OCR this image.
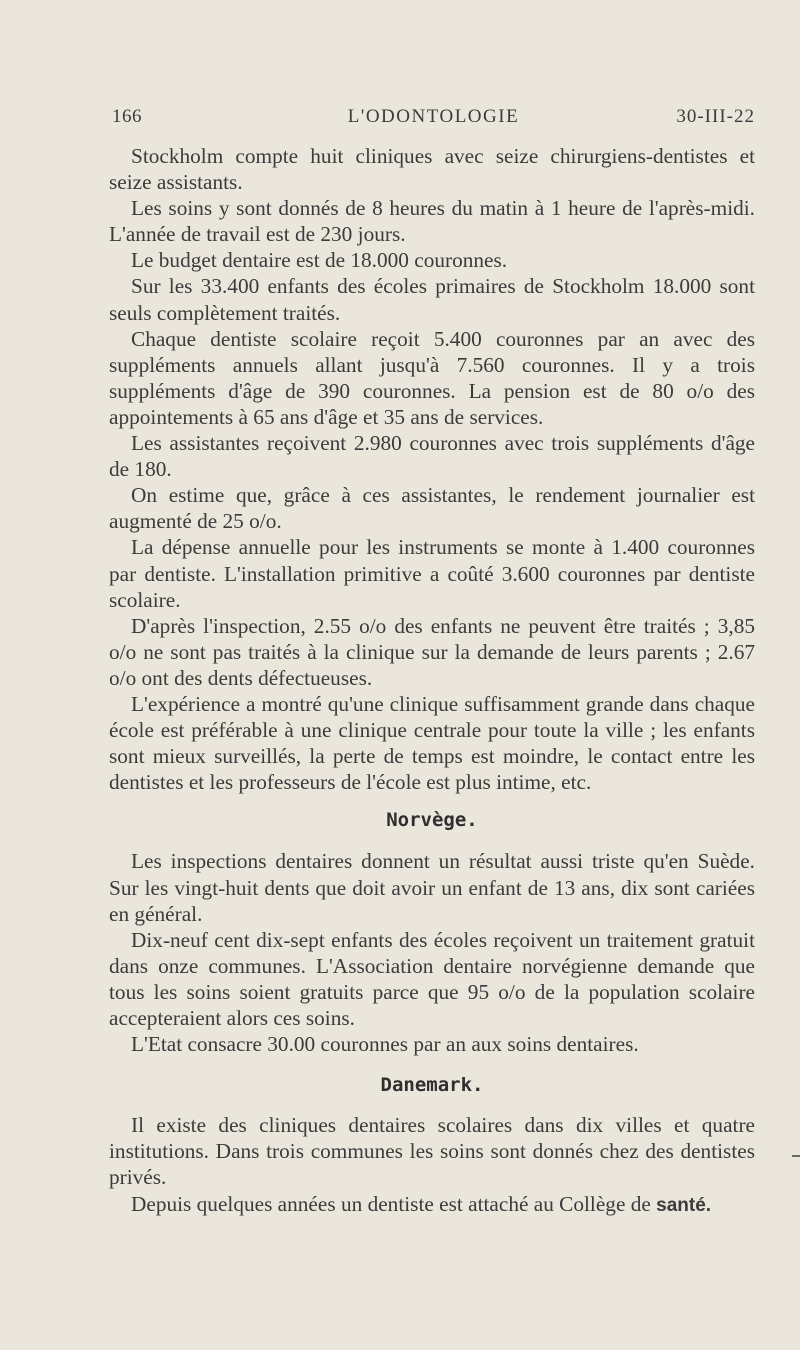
166	L'ODONTOLOGIE	30-III-22

Stockholm compte huit cliniques avec seize chirurgiens-dentistes et seize assistants.

Les soins y sont donnés de 8 heures du matin à 1 heure de l'après-midi. L'année de travail est de 230 jours.

Le budget dentaire est de 18.000 couronnes.

Sur les 33.400 enfants des écoles primaires de Stockholm 18.000 sont seuls complètement traités.

Chaque dentiste scolaire reçoit 5.400 couronnes par an avec des suppléments annuels allant jusqu'à 7.560 couronnes. Il y a trois suppléments d'âge de 390 couronnes. La pension est de 80 o/o des appointements à 65 ans d'âge et 35 ans de services.

Les assistantes reçoivent 2.980 couronnes avec trois suppléments d'âge de 180.

On estime que, grâce à ces assistantes, le rendement journalier est augmenté de 25 o/o.

La dépense annuelle pour les instruments se monte à 1.400 couronnes par dentiste. L'installation primitive a coûté 3.600 couronnes par dentiste scolaire.

D'après l'inspection, 2.55 o/o des enfants ne peuvent être traités ; 3,85 o/o ne sont pas traités à la clinique sur la demande de leurs parents ; 2.67 o/o ont des dents défectueuses.

L'expérience a montré qu'une clinique suffisamment grande dans chaque école est préférable à une clinique centrale pour toute la ville ; les enfants sont mieux surveillés, la perte de temps est moindre, le contact entre les dentistes et les professeurs de l'école est plus intime, etc.

Norvège.

Les inspections dentaires donnent un résultat aussi triste qu'en Suède. Sur les vingt-huit dents que doit avoir un enfant de 13 ans, dix sont cariées en général.

Dix-neuf cent dix-sept enfants des écoles reçoivent un traitement gratuit dans onze communes. L'Association dentaire norvégienne demande que tous les soins soient gratuits parce que 95 o/o de la population scolaire accepteraient alors ces soins.

L'Etat consacre 30.00 couronnes par an aux soins dentaires.

Danemark.

Il existe des cliniques dentaires scolaires dans dix villes et quatre institutions. Dans trois communes les soins sont donnés chez des dentistes privés.

Depuis quelques années un dentiste est attaché au Collège de santé.
